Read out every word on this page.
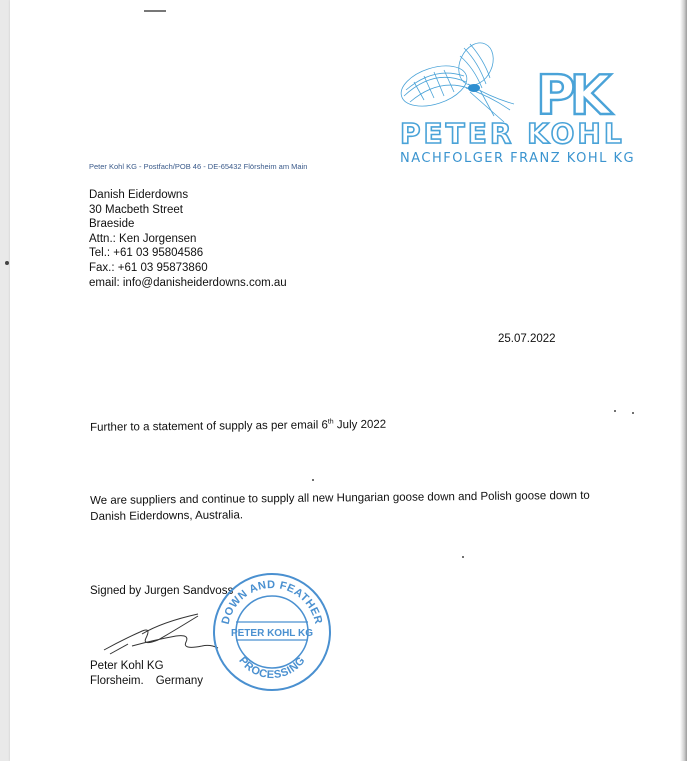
PK
PETER KOHL
NACHFOLGER FRANZ KOHL KG
Peter Kohl KG - Postfach/POB 46 - DE-65432 Flörsheim am Main
Danish Eiderdowns
30 Macbeth Street
Braeside
Attn.: Ken Jorgensen
Tel.: +61 03 95804586
Fax.: +61 03 95873860
email: info@danisheiderdowns.com.au
25.07.2022
Further to a statement of supply as per email 6th July 2022
We are suppliers and continue to supply all new Hungarian goose down and Polish goose down to Danish Eiderdowns, Australia.
Signed by Jurgen Sandvoss
Peter Kohl KG
Florsheim. Germany
DOWN AND FEATHER
PETER KOHL KG
PROCESSING
